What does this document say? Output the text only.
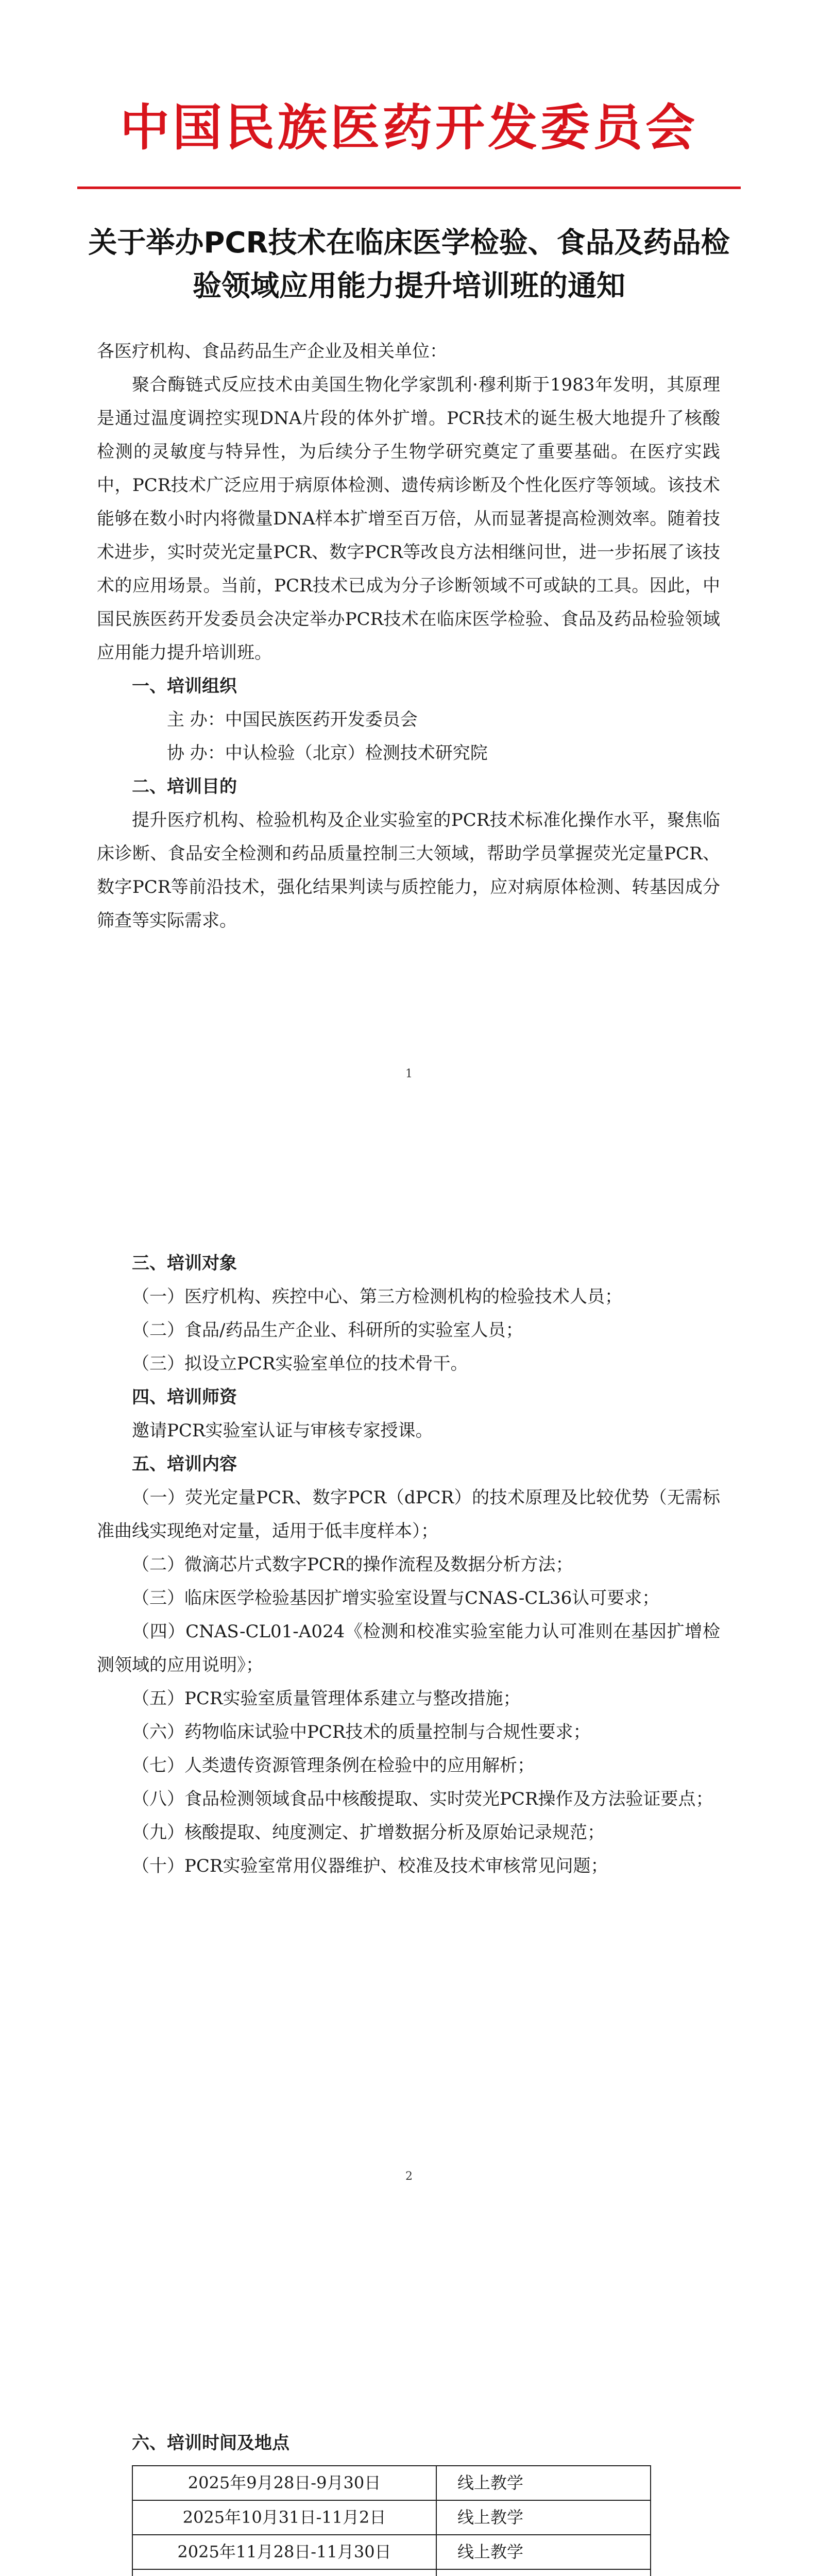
中国民族医药开发委员会
关于举办PCR技术在临床医学检验、食品及药品检
验领域应用能力提升培训班的通知

各医疗机构、食品药品生产企业及相关单位：

聚合酶链式反应技术由美国生物化学家凯利·穆利斯于1983年发明，其原理是通过温度调控实现DNA片段的体外扩增。PCR技术的诞生极大地提升了核酸检测的灵敏度与特异性，为后续分子生物学研究奠定了重要基础。在医疗实践中，PCR技术广泛应用于病原体检测、遗传病诊断及个性化医疗等领域。该技术能够在数小时内将微量DNA样本扩增至百万倍，从而显著提高检测效率。随着技术进步，实时荧光定量PCR、数字PCR等改良方法相继问世，进一步拓展了该技术的应用场景。当前，PCR技术已成为分子诊断领域不可或缺的工具。因此，中国民族医药开发委员会决定举办PCR技术在临床医学检验、食品及药品检验领域应用能力提升培训班。

一、培训组织

主 办：中国民族医药开发委员会

协 办：中认检验（北京）检测技术研究院

二、培训目的

提升医疗机构、检验机构及企业实验室的PCR技术标准化操作水平，聚焦临床诊断、食品安全检测和药品质量控制三大领域，帮助学员掌握荧光定量PCR、数字PCR等前沿技术，强化结果判读与质控能力，应对病原体检测、转基因成分筛查等实际需求。

1

三、培训对象

（一）医疗机构、疾控中心、第三方检测机构的检验技术人员；

（二）食品/药品生产企业、科研所的实验室人员；

（三）拟设立PCR实验室单位的技术骨干。

四、培训师资

邀请PCR实验室认证与审核专家授课。

五、培训内容

（一）荧光定量PCR、数字PCR（dPCR）的技术原理及比较优势（无需标准曲线实现绝对定量，适用于低丰度样本）；

（二）微滴芯片式数字PCR的操作流程及数据分析方法；

（三）临床医学检验基因扩增实验室设置与CNAS-CL36认可要求；

（四）CNAS-CL01-A024《检测和校准实验室能力认可准则在基因扩增检测领域的应用说明》；

（五）PCR实验室质量管理体系建立与整改措施；

（六）药物临床试验中PCR技术的质量控制与合规性要求；

（七）人类遗传资源管理条例在检验中的应用解析；

（八）食品检测领域食品中核酸提取、实时荧光PCR操作及方法验证要点；

（九）核酸提取、纯度测定、扩增数据分析及原始记录规范；

（十）PCR实验室常用仪器维护、校准及技术审核常见问题；

2

六、培训时间及地点

2025年9月28日-9月30日	线上教学
2025年10月31日-11月2日	线上教学
2025年11月28日-11月30日	线上教学
